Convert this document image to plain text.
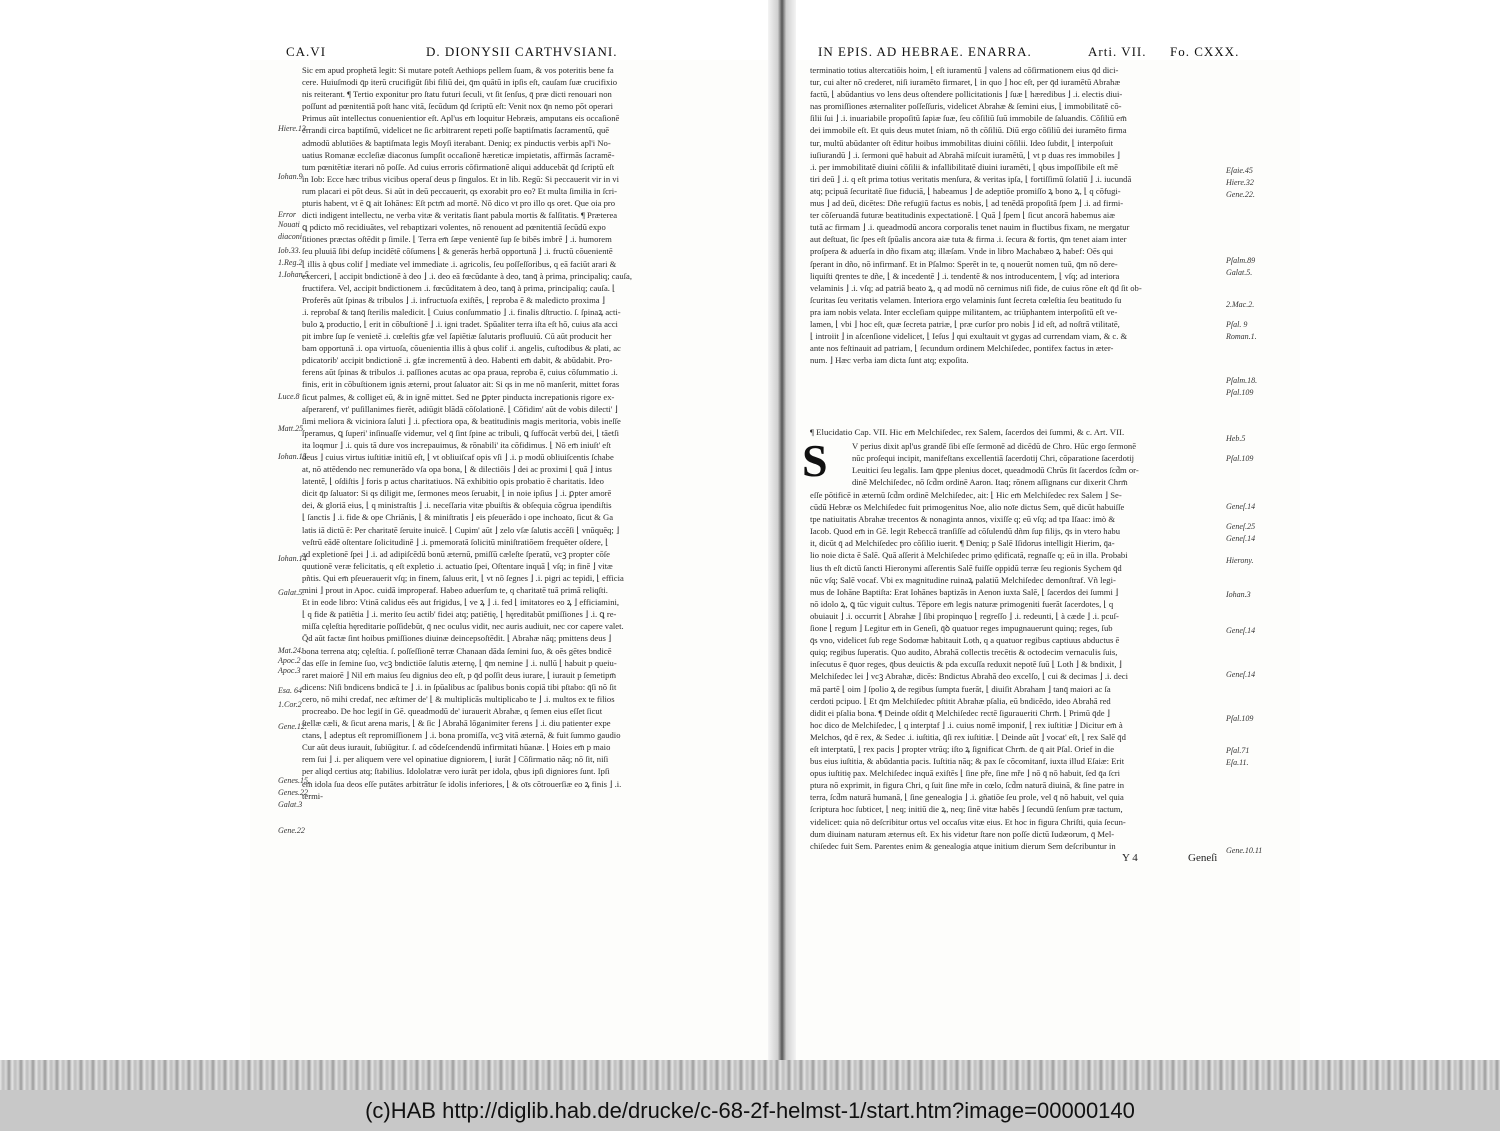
CA.VI	D. DIONYSII CARTHVSIANI.
Sic em apud prophetā legit: Si mutare poteſt Aethiops pellem ſuam, & vos poteritis bene fa
cere. Huiuſmodi q̄p iterū crucifigūt ſibi filiū dei, q̄m quātū in ipſis eſt, cauſam ſuæ crucifixio
nis reiterant. ¶ Tertio exponitur pro ſtatu futuri ſeculi, vt ſit ſenſus, q̄ præ dicti renouari non
poſſunt ad pœnitentiā poſt hanc vitā, ſecūdum q̄d ſcriptū eſt: Venit nox q̄n nemo pōt operari
Primus aūt intellectus conuenientior eſt. Apl'us em̄ loquitur Hebræis, amputans eis occaſionē
errandi circa baptiſmū, videlicet ne ſic arbitrarent repeti poſſe baptiſmatis ſacramentū, quē
admodū ablutiōes & baptiſmata legis Moyſi iterabant. Deniq; ex pinductis verbis apl'i No-
uatius Romanæ eccleſiæ diaconus ſumpſit occaſionē hæreticæ impietatis, affirmās ſacramē-
tum pœnitētiæ iterari nō poſſe. Ad cuius erroris cōfirmationē aliqui adducebāt q̄d ſcriptū eſt
in Iob: Ecce hæc tribus vicibus operaſ deus p ſingulos. Et in lib. Regū: Si peccauerit vir in vi
rum placari ei pōt deus. Si aūt in deū peccauerit, qs exorabit pro eo? Et multa ſimilia in ſcri-
pturis habent, vt ē ꝗ ait Iohānes: Eſt pctm̄ ad mortē. Nō dico vt pro illo qs oret. Que oia pro
dicti indigent intellectu, ne verba vitæ & veritatis ſiant pabula mortis & falſitatis. ¶ Præterea
ꝗ pdicto mō recidiuātes, vel rebaptizari volentes, nō renouent ad pœnitentiā ſecūdū expo
ſitiones præctas oſtēdit p ſimile. ⌊ Terra em̄ ſæpe venientē ſup ſe bibēs imbrē ⌋ .i. humorem
ſeu pluuiā ſibi deſup incidētē cōſumens ⌊ & generās herbā opportunā ⌋ .i. fructū cōuenientē
⌊ illis à qbus colif ⌋ mediate vel immediate .i. agricolis, ſeu poſſeſſoribus, q eā faciūt arari &
exerceri, ⌊ accipit bndictionē à deo ⌋ .i. deo eā fœcūdante à deo, tanq̄ à prima, principaliq; cauſa,
fructifera. Vel, accipit bndictionem .i. fœcūditatem à deo, tanq̄ à prima, principaliq; cauſa. ⌊
Proferēs aūt ſpinas & tribulos ⌋ .i. infructuoſa exiſtēs, ⌊ reproba ē & maledicto proxima ⌋
.i. reprobaſ & tanq̄ ſterilis maledicit. ⌊ Cuius conſummatio ⌋ .i. finalis dſtructio. ſ. ſpinaꝝ acti-
bulo ꝝ productio, ⌊ erit in cōbuſtionē ⌋ .i. igni tradet. Spūaliter terra iſta eſt hō, cuius aīa acci
pit imbre ſup ſe venietē .i. cœleſtis gfæ vel ſapiētiæ ſalutaris profluuiū. Cū aūt producit her
bam opportunā .i. opa virtuoſa, cōuenientia illis à qbus colif .i. angelis, cuſtodibus & plati, ac
pdicatorib' accipit bndictionē .i. gfæ incrementū à deo. Habenti em̄ dabit, & abūdabit. Pro-
ferens aūt ſpinas & tribulos .i. paſſiones acutas ac opa praua, reproba ē, cuius cōſummatio .i.
finis, erit in cōbuſtionem ignis æterni, prout ſaluator ait: Si qs in me nō manſerit, mittet foras
ſicut palmes, & colliget eū, & in ignē mittet. Sed ne ꝑpter pinducta increpationis rigore ex-
aſperarenf, vt' puſillanimes fierēt, adiūgit blādā cōſolationē. ⌊ Cōfidim' aūt de vobis dilecti' ⌋
ſimi meliora & viciniora ſaluti ⌋ .i. pfectiora opa, & beatitudinis magis meritoria, vobis ineſſe
ſperamus, ꝗ ſuperi' inſinuaſſe videmur, vel q̄ ſint ſpine ac tribuli, ꝗ ſuffocāt verbū dei, ⌊ tāetſi
ita loqmur ⌋ .i. quis tā dure vos increpauimus, & rōnabili' ita cōfidimus. ⌊ Nō em̄ iniuſt' eſt
deus ⌋ cuius virtus iuſtitiæ initiū eſt, ⌊ vt obliuiſcaf opis vſi ⌋ .i. p modū obliuiſcentis ſchabe
at, nō attēdendo nec remunerādo vſa opa bona, ⌊ & dilectiōis ⌋ dei ac proximi ⌊ quā ⌋ intus
latentē, ⌊ oſdiſtis ⌋ foris p actus charitatiuos. Nā exhibitio opis probatio ē charitatis. Ideo
dicit q̄p ſaluator: Si qs diligit me, ſermones meos ſeruabit, ⌊ in noie ipſius ⌋ .i. ꝑpter amorē
dei, & gloriā eius, ⌊ q ministraſtis ⌋ .i. neceſſaria vitæ pbuiſtis & obſequia cōgrua ipendiſtis
⌊ ſanctis ⌋ .i. fide & ope Chriānis, ⌊ & miniſtratis ⌋ eis pſeuerādo i ope inchoato, ſicut & Ga
latis iā dictū ē: Per charitatē ſeruite inuicē. ⌊ Cupim' aūt ⌋ zelo vſæ ſalutis accēſi ⌊ vnūquēq; ⌋
veſtrū eādē oſtentare ſolicitudinē ⌋ .i. pmemoratā ſolicitū miniſtratiōem frequēter oſdere, ⌊
ad expletionē ſpei ⌋ .i. ad adipiſcēdū bonū æternū, pmiſſū cæleſte ſperatū, vcꝫ propter cōſe
quutionē veræ felicitatis, q eſt expletio .i. actuatio ſpei, Oſtentare inquā ⌊ vſq; in finē ⌋ vitæ
pñtis. Qui em̄ pſeuerauerit vſq; in finem, ſaluus erit, ⌊ vt nō ſegnes ⌋ .i. pigri ac tepidi, ⌊ efficia
mini ⌋ prout in Apoc. cuidā improperaf. Habeo aduerſum te, q charitatē tuā primā reliqſti.
Et in eode libro: Vtinā calidus eēs aut frigidus, ⌊ ve ꝝ ⌋ .i. fed ⌊ imitatores eo ꝝ ⌋ efficiamini,
⌊ q fide & patiētia ⌋ .i. merito ſeu actib' fidei atq; patiētię, ⌊ hęreditabūt pmiſſiones ⌋ .i. ꝗ re-
miſſa cęleſtia hęreditarie poſſidebūt, q̄ nec oculus vidit, nec auris audiuit, nec cor capere valet.
Q̄d aūt factæ ſint hoibus pmiſſiones diuinæ deincepsoſtēdit. ⌊ Abrahæ nāq; pmittens deus ⌋
bona terrena atq; cęleſtia. ſ. poſſeſſionē terræ Chanaan dāda ſemini ſuo, & oēs gētes bndicē
das eſſe in ſemine ſuo, vcꝫ bndictiōe ſalutis æternę, ⌊ q̄m nemine ⌋ .i. nullū ⌊ habuit p queiu-
raret maiorē ⌋ Nil em̄ maius ſeu dignius deo eſt, p q̄d poſſit deus iurare, ⌊ iurauit p ſemetipm̄
dicens: Niſi bndicens bndicā te ⌋ .i. in ſpūalibus ac ſpalibus bonis copiā tibi pſtabo: q̄ſi nō ſit
cero, nō mihi credaf, nec æſtimer de' ⌊ & multiplicās multiplicabo te ⌋ .i. multos ex te filios
procreabo. De hoc legiſ in Gē. queadmodū de' iurauerit Abrahæ, q ſemen eius eſſet ſicut
ſtellæ cæli, & ſicut arena maris, ⌊ & ſic ⌋ Abrahā lōganimiter ferens ⌋ .i. diu patienter expe
ctans, ⌊ adeptus eſt repromiſſionem ⌋ .i. bona promiſſa, vcꝫ vitā æternā, & fuit ſummo gaudio
Cur aūt deus iurauit, ſubiūgitur. ſ. ad cōdeſcendendū infirmitati hūanæ. ⌊ Hoies em̄ p maio
rem ſui ⌋ .i. per aliquem vere vel opinatiue digniorem, ⌊ iurāt ⌋ Cōſirmatio nāq; nō ſit, niſi
per aliqd certius atq; ſtabilius. Idololatræ vero iurāt per idola, qbus ipſi digniores ſunt. Ipſi
em̄ idola ſua deos eſſe putātes arbitrātur ſe idolis inferiores, ⌊ & oīs cōtrouerſiæ eo ꝝ finis ⌋ .i.
termi-
Hiere.13
Iohan.9
Error
Nouati
diaconi
Iob.33.
1.Reg.2
1.Iohan.5
Luce.8
Matt.25
Iohan.15
Iohan.14
Galat.5.
Mat.24.
Apoc.2
Apoc.3
Esa. 64
1.Cor.2
Gene.12.
Genes.15.
Genes.22
Galat.3
Gene.22
IN EPIS. AD HEBRAE. ENARRA.	Arti. VII. Fo. CXXX.
terminatio totius altercatiōis hoim, ⌊ eſt iuramentū ⌋ valens ad cōſirmationem eius q̄d dici-
tur, cui alter nō crederet, niſi iuramēto firmaret, ⌊ in quo ⌋ hoc eſt, per q̄d iuramētū Abrahæ
factū, ⌊ abūdantius vo lens deus oſtendere pollicitationis ⌋ ſuæ ⌊ hæredibus ⌋ .i. electis diui-
nas promiſſiones æternaliter poſſeſſuris, videlicet Abrahæ & ſemini eius, ⌊ immobilitatē cō-
ſilii ſui ⌋ .i. inuariabile propoſitū ſapiæ ſuæ, ſeu cōſiliū ſuū immobile de ſaluandis. Cōſiliū em̄
dei immobile eſt. Et quis deus mutet ſniam, nō th cōſiliū. Diū ergo cōſiliū dei iuramēto firma
tur, multū abūdanter oſt ēditur hoibus immobilitas diuini cōſilii. Ideo ſubdit, ⌊ interpoſuit
iuſiurandū ⌋ .i. ſermoni quē habuit ad Abrahā miſcuit iuramētū, ⌊ vt p duas res immobiles ⌋
.i. per immobilitatē diuini cōſilii & infallibilitatē diuini iuramēti, ⌊ qbus impoſſibile eſt mē
tiri deū ⌋ .i. q eſt prima totius veritatis menſura, & veritas ipſa, ⌊ fortiſſimū ſolatiū ⌋ .i. iucundā
atq; pcipuā ſecuritatē ſiue fiduciā, ⌊ habeamus ⌋ de adeptiōe promiſſo ꝝ bono ꝝ, ⌊ q cōfugi-
mus ⌋ ad deū, dicētes: Dñe refugiū factus es nobis, ⌊ ad tenēdā propoſitā ſpem ⌋ .i. ad firmi-
ter cōſeruandā futuræ beatitudinis expectationē. ⌊ Quā ⌋ ſpem ⌊ ſicut ancorā habemus aiæ
tutā ac firmam ⌋ .i. queadmodū ancora corporalis tenet nauim in fluctibus fixam, ne mergatur
aut deſtuat, ſic ſpes eſt ſpūalis ancora aiæ tuta & firma .i. ſecura & fortis, q̄m tenet aiam inter
proſpera & aduerſa in dño fixam atq; illæſam. Vnde in libro Machabæo ꝝ habef: Oēs qui
ſperant in dño, nō infirmanf. Et in Pſalmo: Sperēt in te, q nouerūt nomen tuū, q̄m nō dere-
liquiſti q̄rentes te dñe, ⌊ & incedentē ⌋ .i. tendentē & nos introducentem, ⌊ vſq; ad interiora
velaminis ⌋ .i. vſq; ad patriā beato ꝝ, q ad modū nō cernimus niſi fide, de cuius rōne eſt q̄d ſit ob-
ſcuritas ſeu veritatis velamen. Interiora ergo velaminis ſunt ſecreta cœleſtia ſeu beatitudo ſu
pra iam nobis velata. Inter eccleſiam quippe militantem, ac triūphantem interpoſitū eſt ve-
lamen, ⌊ vbi ⌋ hoc eſt, quæ ſecreta patriæ, ⌊ præ curſor pro nobis ⌋ id eſt, ad noſtrā vtilitatē,
⌊ introiit ⌋ in aſcenſione videlicet, ⌊ Ieſus ⌋ qui exultauit vt gygas ad currendam viam, & c. &
ante nos feſtinauit ad patriam, ⌊ ſecundum ordinem Melchiſedec, pontifex factus in æter-
num. ⌋ Hæc verba iam dicta ſunt atq; expoſita.
¶ Elucidatio Cap. VII. Hic em̄ Melchiſedec, rex Salem, ſacerdos dei ſummi, & c. Art. VII.
S	V perius dixit apl'us grandē ſibi eſſe ſermonē ad dicēdū de Chro. Hūc ergo ſermonē
nūc proſequi incipit, manifeſtans excellentiā ſacerdotij Chri, cōparatione ſacerdotij
Leuitici ſeu legalis. Iam q̄ppe plenius docet, queadmodū Chrūs ſit ſacerdos ſcd̄m or-
dinē Melchiſedec, nō ſcd̄m ordinē Aaron. Itaq; rōnem aſſignans cur dixerit Chrm̄
eſſe pōtificē in æternū ſcd̄m ordinē Melchiſedec, ait: ⌊ Hic em̄ Melchiſedec rex Salem ⌋ Se-
cūdū Hebræ os Melchiſedec fuit primogenitus Noe, alio noīe dictus Sem, quē dicūt habuiſſe
tpe natiuitatis Abrahæ trecentos & nonaginta annos, vixiſſe q; eū vſq; ad tpa Iſaac: imò &
Iacob. Quod em̄ in Gē. legit Rebeccā tranſiſſe ad cōſulendū dñm ſup filijs, q̄s in vtero habu
it, dicūt q̄ ad Melchiſedec pro cōſilio iuerit. ¶ Deniq; p Salē Iſidorus intelligit Hierim, q̄a-
lio noie dicta ē Salē. Quā aſſerit à Melchiſedec primo ędificatā, regnaſſe q; eū in illa. Probabi
lius th eſt dictū ſancti Hieronymi aſſerentis Salē fuiſſe oppidū terræ ſeu regionis Sychem q̄d
nūc vſq; Salē vocaf. Vbi ex magnitudine ruinaꝝ palatiū Melchiſedec demonſtraf. Vñ legi-
mus de Iohāne Baptiſta: Erat Iohānes baptizās in Aenon iuxta Salē, ⌊ ſacerdos dei ſummi ⌋
nō idolo ꝝ, ꝗ tūc viguit cultus. Tēpore em̄ legis naturæ primogeniti fuerāt ſacerdotes, ⌊ q
obuiauit ⌋ .i. occurrit ⌊ Abrahæ ⌋ ſibi propinquo ⌊ regreſſo ⌋ .i. redeunti, ⌊ à cæde ⌋ .i. pcuſ-
ſione ⌊ regum ⌋ Legitur em̄ in Geneſi, q̄ꝺ quatuor reges impugnauerunt quinq; reges, ſub
q̄s vno, videlicet ſub rege Sodomæ habitauit Loth, q a quatuor regibus captiuus abductus ē
quiq; regibus ſuperatis. Quo audito, Abrahā collectis trecētis & octodecim vernaculis ſuis,
inſecutus ē q̄uor reges, q̄bus deuictis & pda excuſſa reduxit nepotē ſuū ⌊ Loth ⌋ & bndixit, ⌋
Melchiſedec lei ⌋ vcꝫ Abrahæ, dicēs: Bndictus Abrahā deo excelſo, ⌊ cui & decimas ⌋ .i. deci
mā partē ⌊ oim ⌋ ſpolio ꝝ de regibus ſumpta fuerāt, ⌊ diuiſit Abraham ⌋ tanq̄ maiori ac ſa
cerdoti pcipuo. ⌊ Et q̄m Melchiſedec pſtitit Abrahæ pſalia, eū bndicēdo, ideo Abrahā red
didit ei pſalia bona. ¶ Deinde oſdit q̄ Melchiſedec rectē ſiguraueriti Chrm̄. ⌊ Primū q̄de ⌋
hoc dico de Melchiſedec, ⌊ q interptaf ⌋ .i. cuius nomē imponif, ⌊ rex iuſtitiæ ⌋ Dicitur em̄ à
Melchos, q̄d ē rex, & Sedec .i. iuſtitia, q̄ſi rex iuſtitiæ. ⌊ Deinde aūt ⌋ vocat' eſt, ⌊ rex Salē q̄d
eſt interptatū, ⌊ rex pacis ⌋ propter vtrūq; iſto ꝝ ſignificat Chrm̄. de q̄ ait Pſal. Orief in die
bus eius iuſtitia, & abūdantia pacis. Iuſtitia nāq; & pax ſe cōcomitanf, iuxta illud Eſaiæ: Erit
opus iuſtitię pax. Melchiſedec inquā exiſtēs ⌊ ſine pře, ſine mře ⌋ nō q̄ nō habuit, ſed q̄a ſcri
ptura nō exprimit, in figura Chri, q ſuit ſine mře in cœlo, ſcd̄m naturā diuinā, & ſine patre in
terra, ſcd̄m naturā humanā, ⌊ ſine genealogia ⌋ .i. gñatiōe ſeu prole, vel q̄ nō habuit, vel quia
ſcriptura hoc ſubticet, ⌊ neq; initiū die ꝝ, neq; ſinē vitæ habēs ⌋ ſecundū ſenſum præ tactum,
videlicet: quia nō deſcribitur ortus vel occaſus vitæ eius. Et hoc in figura Chriſti, quia ſecun-
dum diuinam naturam æternus eſt. Ex his videtur ſtare non poſſe dictū Iudæorum, q̄ Mel-
chiſedec fuit Sem. Parentes enim & genealogia atque initium dierum Sem deſcribuntur in
Y 4	Geneſi
Eſaie.45
Hiere.32
Gene.22.
Pſalm.89
Galat.5.
2.Mac.2.
Pſal. 9
Roman.1.
Pſalm.18.
Pſal.109
Heb.5
Pſal.109
Geneſ.14
Geneſ.25
Geneſ.14
Hierony.
Iohan.3
Geneſ.14
Geneſ.14
Pſal.109
Pſal.71
Eſa.11.
Gene.10.11
(c)HAB http://diglib.hab.de/drucke/c-68-2f-helmst-1/start.htm?image=00000140
